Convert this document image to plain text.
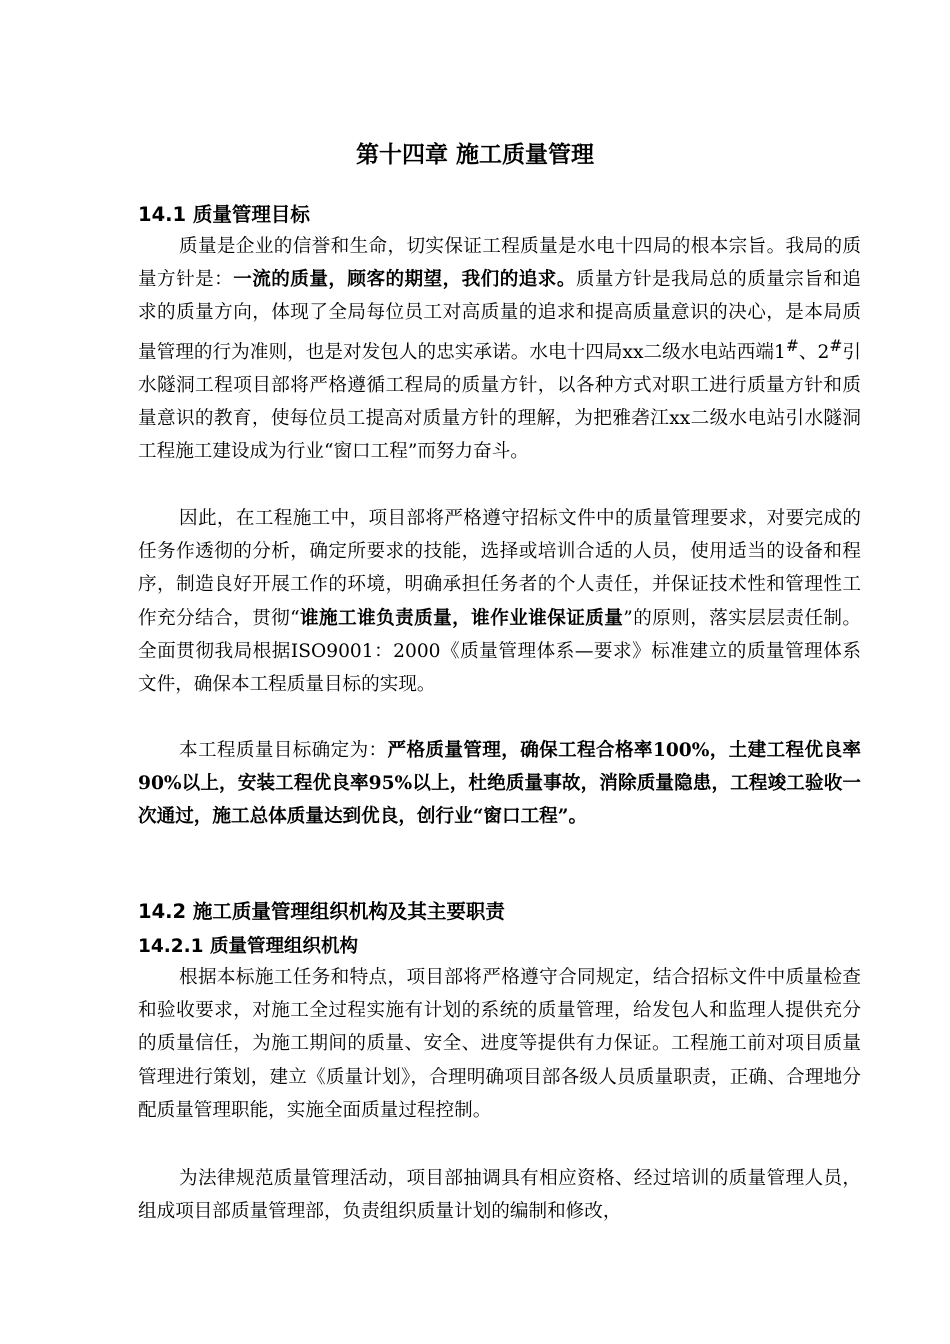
第十四章 施工质量管理
14.1 质量管理目标

质量是企业的信誉和生命，切实保证工程质量是水电十四局的根本宗旨。我局的质量方针是：一流的质量，顾客的期望，我们的追求。质量方针是我局总的质量宗旨和追求的质量方向，体现了全局每位员工对高质量的追求和提高质量意识的决心，是本局质量管理的行为准则，也是对发包人的忠实承诺。水电十四局xx二级水电站西端1#、2#引水隧洞工程项目部将严格遵循工程局的质量方针，以各种方式对职工进行质量方针和质量意识的教育，使每位员工提高对质量方针的理解，为把雅砻江xx二级水电站引水隧洞工程施工建设成为行业“窗口工程”而努力奋斗。

因此，在工程施工中，项目部将严格遵守招标文件中的质量管理要求，对要完成的任务作透彻的分析，确定所要求的技能，选择或培训合适的人员，使用适当的设备和程序，制造良好开展工作的环境，明确承担任务者的个人责任，并保证技术性和管理性工作充分结合，贯彻“谁施工谁负责质量，谁作业谁保证质量”的原则，落实层层责任制。全面贯彻我局根据ISO9001：2000《质量管理体系—要求》标准建立的质量管理体系文件，确保本工程质量目标的实现。

本工程质量目标确定为：严格质量管理，确保工程合格率100%，土建工程优良率90%以上，安装工程优良率95%以上，杜绝质量事故，消除质量隐患，工程竣工验收一次通过，施工总体质量达到优良，创行业“窗口工程”。

14.2 施工质量管理组织机构及其主要职责
14.2.1 质量管理组织机构

根据本标施工任务和特点，项目部将严格遵守合同规定，结合招标文件中质量检查和验收要求，对施工全过程实施有计划的系统的质量管理，给发包人和监理人提供充分的质量信任，为施工期间的质量、安全、进度等提供有力保证。工程施工前对项目质量管理进行策划，建立《质量计划》，合理明确项目部各级人员质量职责，正确、合理地分配质量管理职能，实施全面质量过程控制。

为法律规范质量管理活动，项目部抽调具有相应资格、经过培训的质量管理人员，组成项目部质量管理部，负责组织质量计划的编制和修改，
